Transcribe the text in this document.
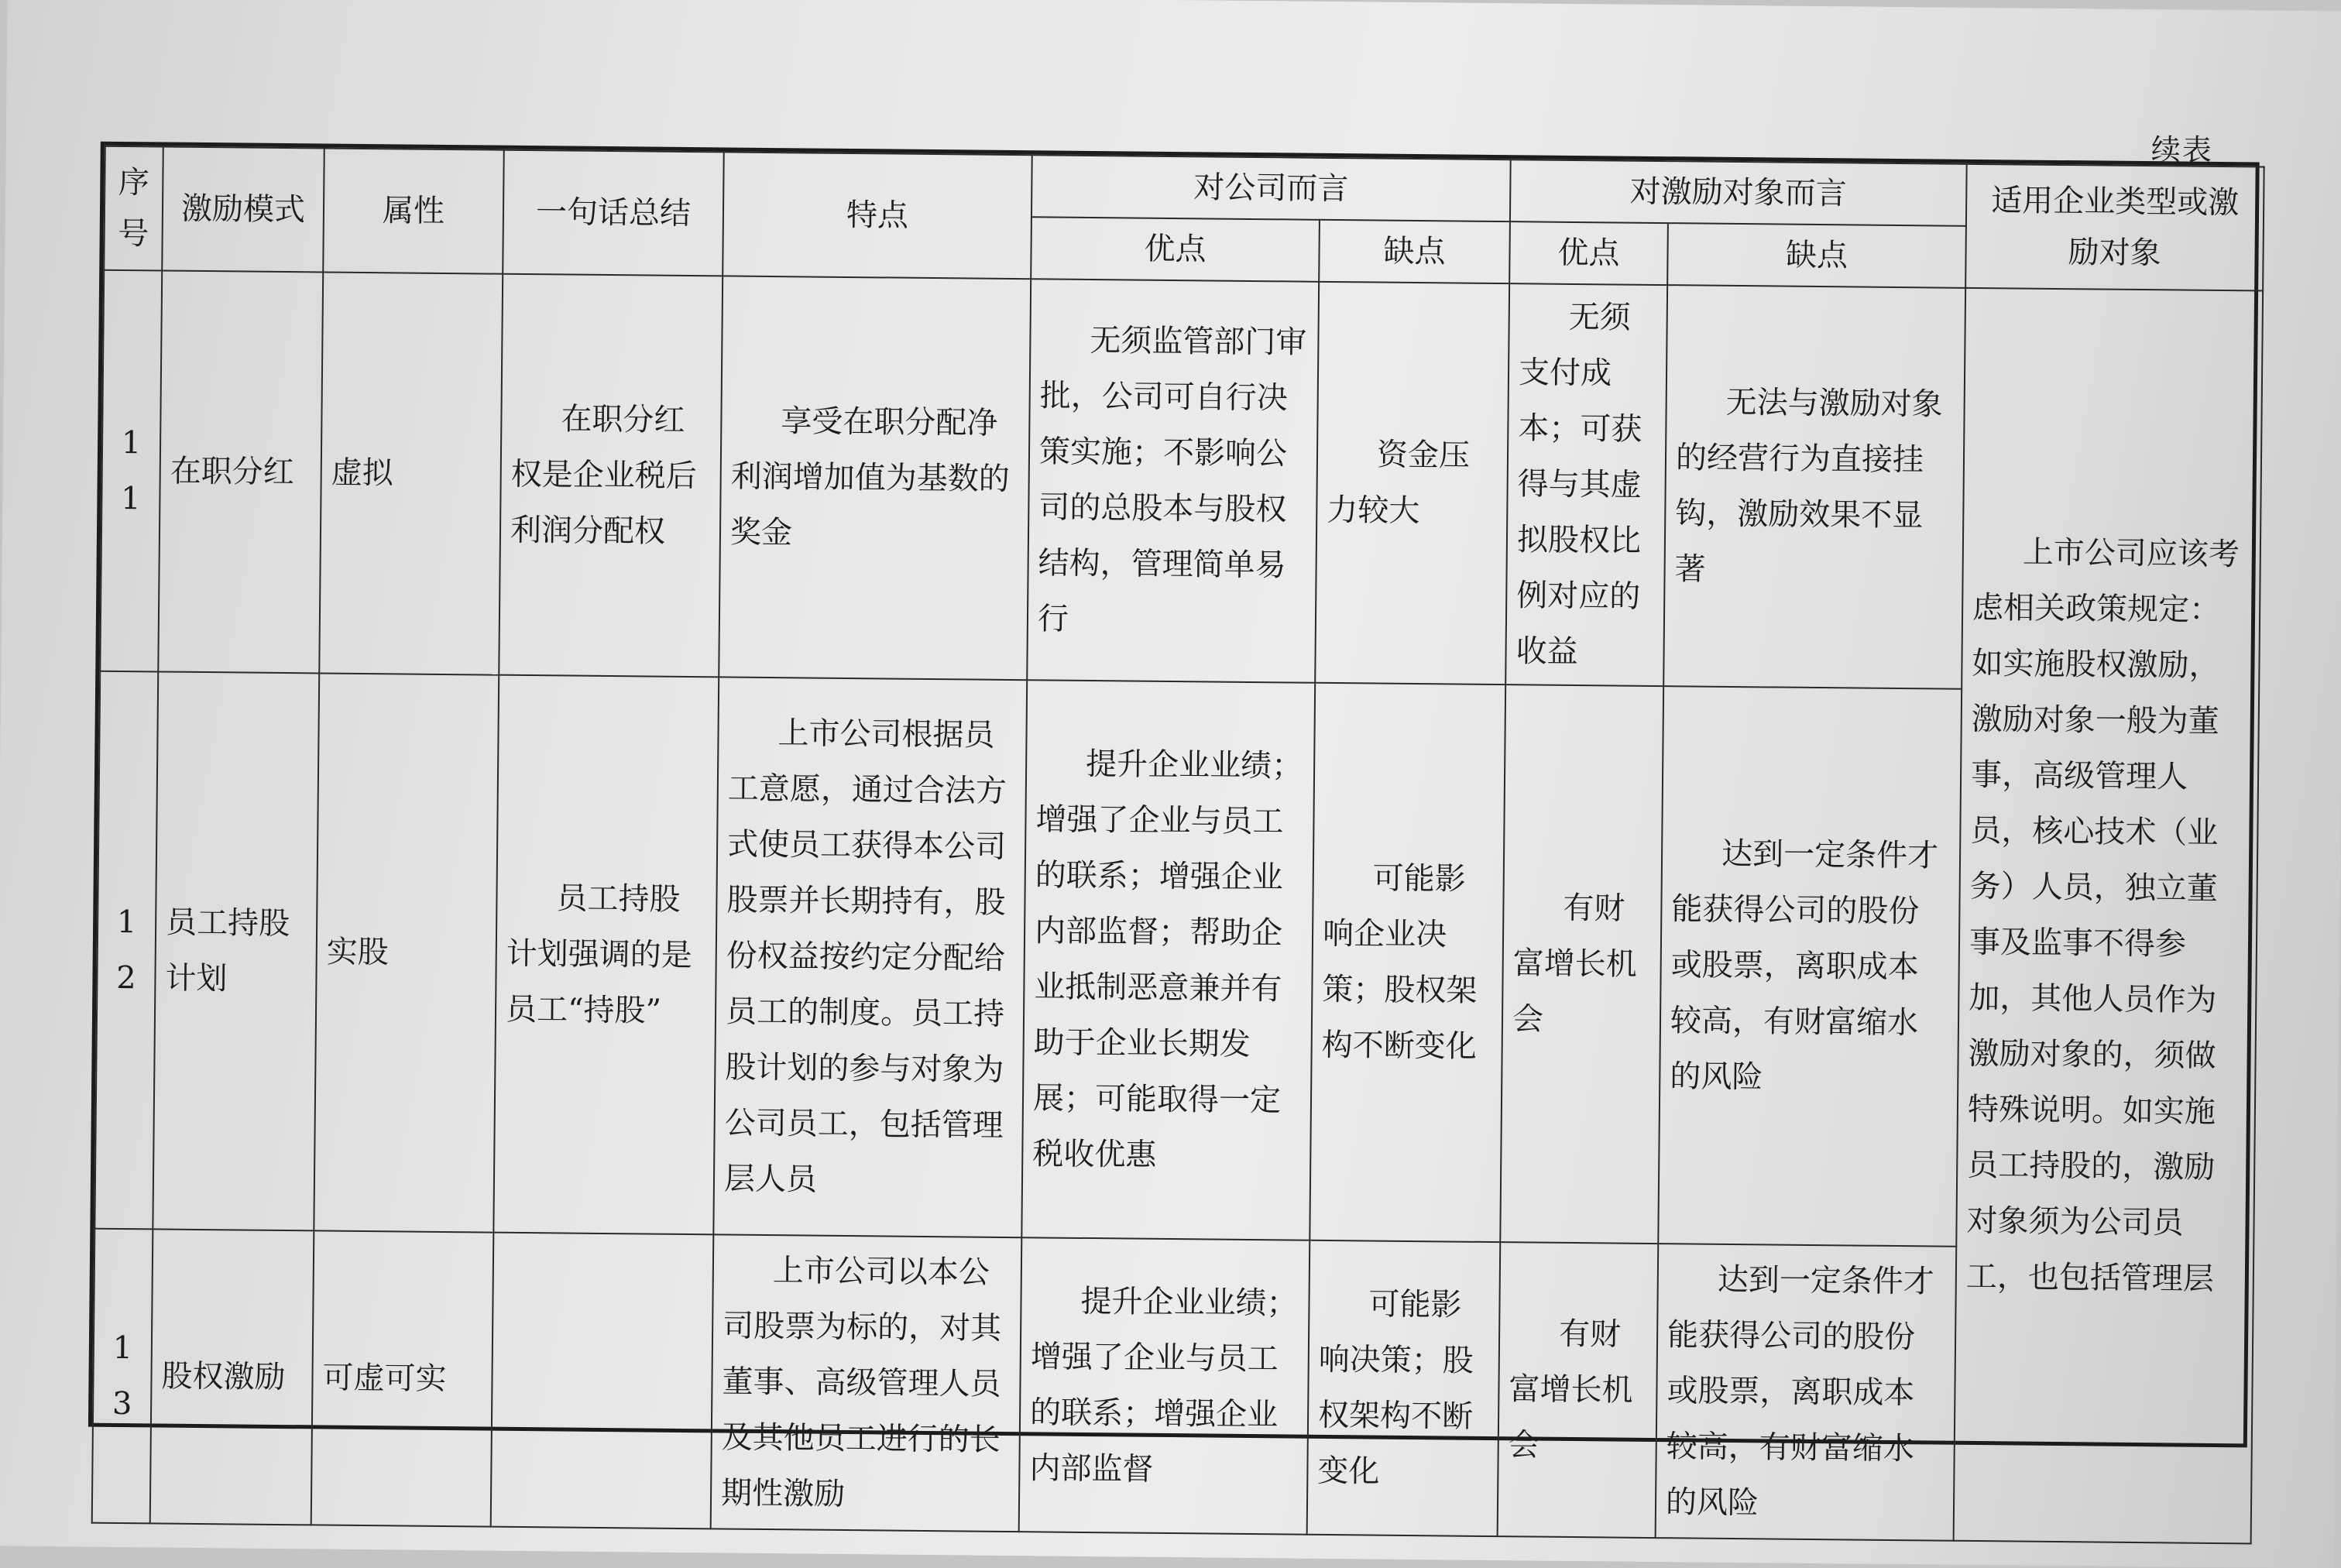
续表
序号	激励模式	属性	一句话总结	特点	对公司而言		对激励对象而言		适用企业类型或激励对象
					优点	缺点	优点	缺点	
11	在职分红	虚拟	在职分红权是企业税后利润分配权	享受在职分配净利润增加值为基数的奖金	无须监管部门审批，公司可自行决策实施；不影响公司的总股本与股权结构，管理简单易行	资金压力较大	无须支付成本；可获得与其虚拟股权比例对应的收益	无法与激励对象的经营行为直接挂钩，激励效果不显著	上市公司应该考虑相关政策规定：如实施股权激励，激励对象一般为董事，高级管理人员，核心技术（业务）人员，独立董事及监事不得参加，其他人员作为激励对象的，须做特殊说明。如实施员工持股的，激励对象须为公司员工，也包括管理层
12	员工持股计划	实股	员工持股计划强调的是员工“持股”	上市公司根据员工意愿，通过合法方式使员工获得本公司股票并长期持有，股份权益按约定分配给员工的制度。员工持股计划的参与对象为公司员工，包括管理层人员	提升企业业绩；增强了企业与员工的联系；增强企业内部监督；帮助企业抵制恶意兼并有助于企业长期发展；可能取得一定税收优惠	可能影响企业决策；股权架构不断变化	有财富增长机会	达到一定条件才能获得公司的股份或股票，离职成本较高，有财富缩水的风险	
13	股权激励	可虚可实		上市公司以本公司股票为标的，对其董事、高级管理人员及其他员工进行的长期性激励	提升企业业绩；增强了企业与员工的联系；增强企业内部监督	可能影响决策；股权架构不断变化	有财富增长机会	达到一定条件才能获得公司的股份或股票，离职成本较高，有财富缩水的风险	
